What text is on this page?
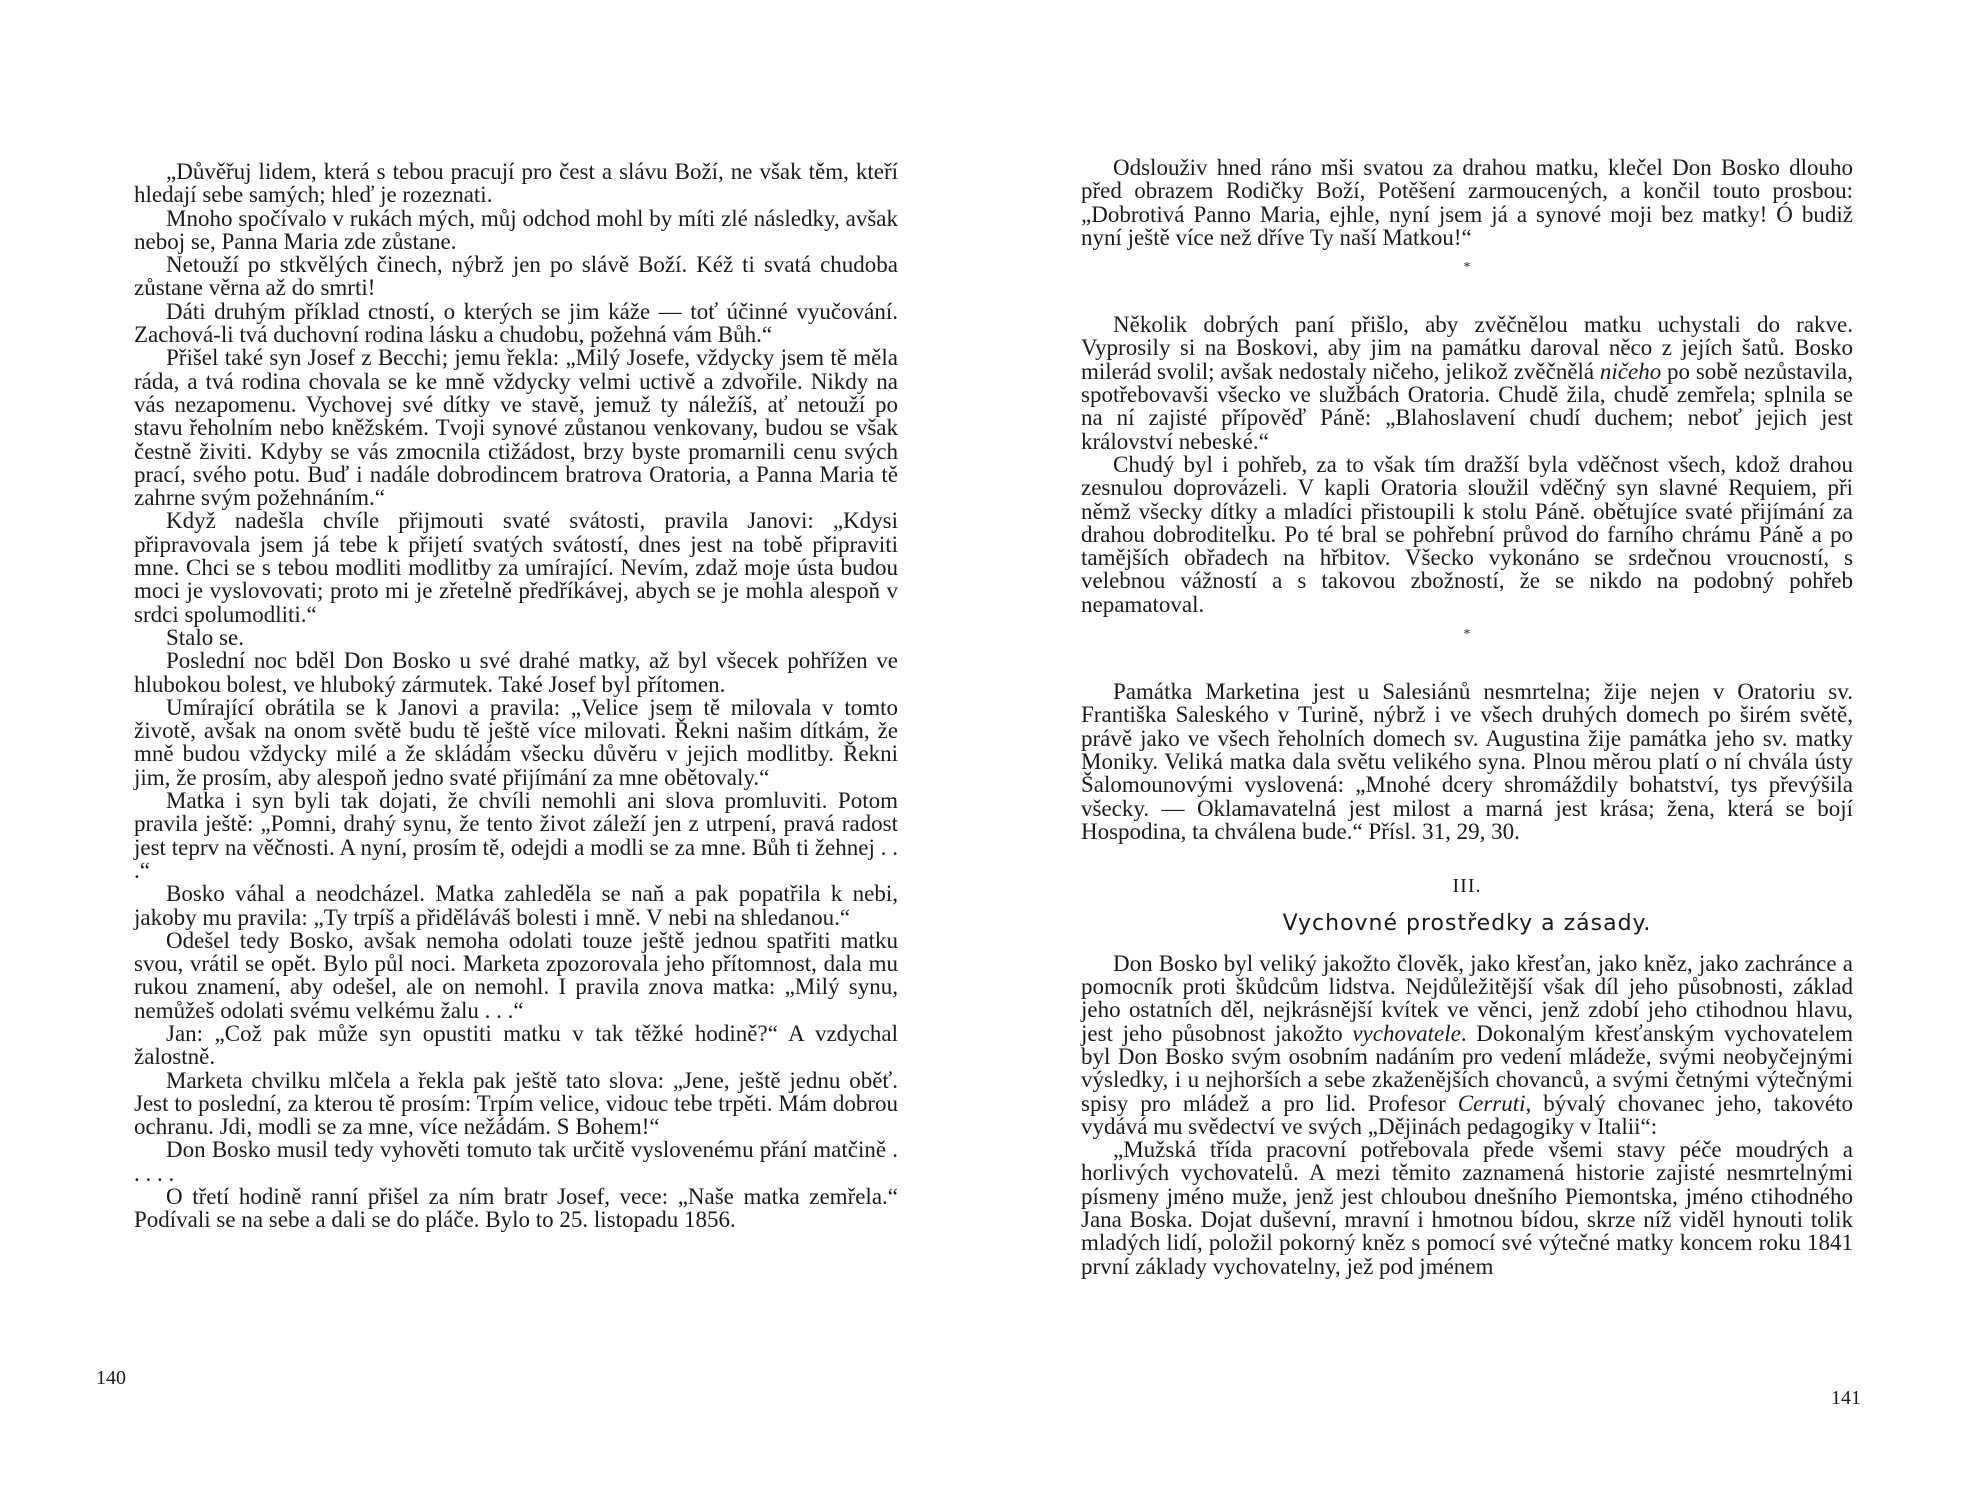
„Důvěřuj lidem, která s tebou pracují pro čest a slávu Boží, ne však těm, kteří hledají sebe samých; hleď je rozeznati.

Mnoho spočívalo v rukách mých, můj odchod mohl by míti zlé následky, avšak neboj se, Panna Maria zde zůstane.

Netouží po stkvělých činech, nýbrž jen po slávě Boží. Kéž ti svatá chudoba zůstane věrna až do smrti!

Dáti druhým příklad ctností, o kterých se jim káže — toť účinné vyučování. Zachová-li tvá duchovní rodina lásku a chudobu, požehná vám Bůh.“

Přišel také syn Josef z Becchi; jemu řekla: „Milý Josefe, vždycky jsem tě měla ráda, a tvá rodina chovala se ke mně vždycky velmi uctivě a zdvořile. Nikdy na vás nezapomenu. Vychovej své dítky ve stavě, jemuž ty náležíš, ať netouží po stavu řeholním nebo kněžském. Tvoji synové zůstanou venkovany, budou se však čestně živiti. Kdyby se vás zmocnila ctižádost, brzy byste promarnili cenu svých prací, svého potu. Buď i nadále dobrodincem bratrova Oratoria, a Panna Maria tě zahrne svým požehnáním.“

Když nadešla chvíle přijmouti svaté svátosti, pravila Janovi: „Kdysi připravovala jsem já tebe k přijetí svatých svátostí, dnes jest na tobě připraviti mne. Chci se s tebou modliti modlitby za umírající. Nevím, zdaž moje ústa budou moci je vyslovovati; proto mi je zřetelně předříkávej, abych se je mohla alespoň v srdci spolumodliti.“

Stalo se.

Poslední noc bděl Don Bosko u své drahé matky, až byl všecek pohřížen ve hlubokou bolest, ve hluboký zármutek. Také Josef byl přítomen.

Umírající obrátila se k Janovi a pravila: „Velice jsem tě milovala v tomto životě, avšak na onom světě budu tě ještě více milovati. Řekni našim dítkám, že mně budou vždycky milé a že skládám všecku důvěru v jejich modlitby. Řekni jim, že prosím, aby alespoň jedno svaté přijímání za mne obětovaly.“

Matka i syn byli tak dojati, že chvíli nemohli ani slova promluviti. Potom pravila ještě: „Pomni, drahý synu, že tento život záleží jen z utrpení, pravá radost jest teprv na věčnosti. A nyní, prosím tě, odejdi a modli se za mne. Bůh ti žehnej . . .“

Bosko váhal a neodcházel. Matka zahleděla se naň a pak popatřila k nebi, jakoby mu pravila: „Ty trpíš a přiděláváš bolesti i mně. V nebi na shledanou.“

Odešel tedy Bosko, avšak nemoha odolati touze ještě jednou spatřiti matku svou, vrátil se opět. Bylo půl noci. Marketa zpozorovala jeho přítomnost, dala mu rukou znamení, aby odešel, ale on nemohl. I pravila znova matka: „Milý synu, nemůžeš odolati svému velkému žalu . . .“

Jan: „Což pak může syn opustiti matku v tak těžké hodině?“ A vzdychal žalostně.

Marketa chvilku mlčela a řekla pak ještě tato slova: „Jene, ještě jednu oběť. Jest to poslední, za kterou tě prosím: Trpím velice, vidouc tebe trpěti. Mám dobrou ochranu. Jdi, modli se za mne, více nežádám. S Bohem!“

Don Bosko musil tedy vyhověti tomuto tak určitě vyslovenému přání matčině . . . . .

O třetí hodině ranní přišel za ním bratr Josef, vece: „Naše matka zemřela.“ Podívali se na sebe a dali se do pláče. Bylo to 25. listopadu 1856.

140

Odslouživ hned ráno mši svatou za drahou matku, klečel Don Bosko dlouho před obrazem Rodičky Boží, Potěšení zarmoucených, a končil touto prosbou: „Dobrotivá Panno Maria, ejhle, nyní jsem já a synové moji bez matky! Ó budiž nyní ještě více než dříve Ty naší Matkou!“

*

Několik dobrých paní přišlo, aby zvěčnělou matku uchystali do rakve. Vyprosily si na Boskovi, aby jim na památku daroval něco z jejích šatů. Bosko milerád svolil; avšak nedostaly ničeho, jelikož zvěčnělá ničeho po sobě nezůstavila, spotřebovavši všecko ve službách Oratoria. Chudě žila, chudě zemřela; splnila se na ní zajisté přípověď Páně: „Blahoslavení chudí duchem; neboť jejich jest království nebeské.“

Chudý byl i pohřeb, za to však tím dražší byla vděčnost všech, kdož drahou zesnulou doprovázeli. V kapli Oratoria sloužil vděčný syn slavné Requiem, při němž všecky dítky a mladíci přistoupili k stolu Páně. obětujíce svaté přijímání za drahou dobroditelku. Po té bral se pohřební průvod do farního chrámu Páně a po tamějších obřadech na hřbitov. Všecko vykonáno se srdečnou vroucností, s velebnou vážností a s takovou zbožností, že se nikdo na podobný pohřeb nepamatoval.

*

Památka Marketina jest u Salesiánů nesmrtelna; žije nejen v Oratoriu sv. Františka Saleského v Turině, nýbrž i ve všech druhých domech po širém světě, právě jako ve všech řeholních domech sv. Augustina žije památka jeho sv. matky Moniky. Veliká matka dala světu velikého syna. Plnou měrou platí o ní chvála ústy Šalomounovými vyslovená: „Mnohé dcery shromáždily bohatství, tys převýšila všecky. — Oklamavatelná jest milost a marná jest krása; žena, která se bojí Hospodina, ta chválena bude.“ Přísl. 31, 29, 30.

III.
Vychovné prostředky a zásady.

Don Bosko byl veliký jakožto člověk, jako křesťan, jako kněz, jako zachránce a pomocník proti škůdcům lidstva. Nejdůležitější však díl jeho působnosti, základ jeho ostatních děl, nejkrásnější kvítek ve věnci, jenž zdobí jeho ctihodnou hlavu, jest jeho působnost jakožto vychovatele. Dokonalým křesťanským vychovatelem byl Don Bosko svým osobním nadáním pro vedení mládeže, svými neobyčejnými výsledky, i u nejhorších a sebe zkaženějších chovanců, a svými četnými výtečnými spisy pro mládež a pro lid. Profesor Cerruti, bývalý chovanec jeho, takovéto vydává mu svědectví ve svých „Dějinách pedagogiky v Italii“:

„Mužská třída pracovní potřebovala přede všemi stavy péče moudrých a horlivých vychovatelů. A mezi těmito zaznamená historie zajisté nesmrtelnými písmeny jméno muže, jenž jest chloubou dnešního Piemontska, jméno ctihodného Jana Boska. Dojat duševní, mravní i hmotnou bídou, skrze níž viděl hynouti tolik mladých lidí, položil pokorný kněz s pomocí své výtečné matky koncem roku 1841 první základy vychovatelny, jež pod jménem

141
